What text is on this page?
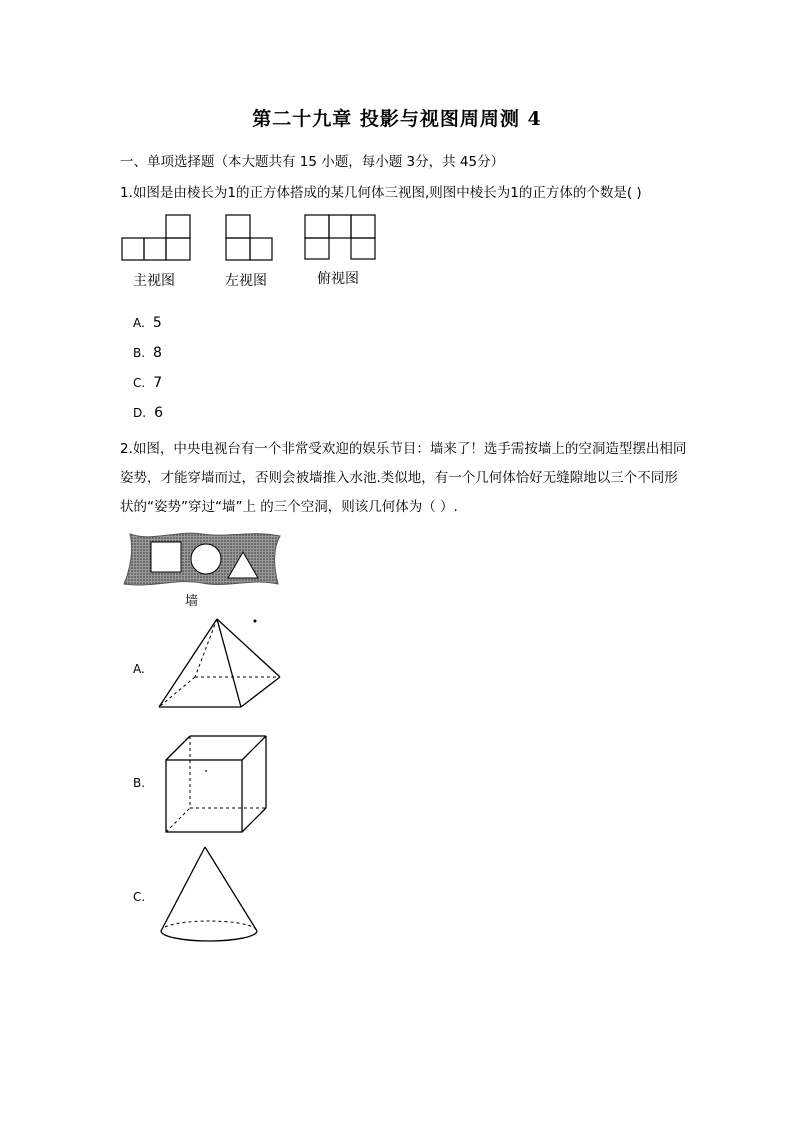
第二十九章 投影与视图周周测 4
一、单项选择题（本大题共有 15 小题，每小题 3分，共 45分）
1.如图是由棱长为1的正方体搭成的某几何体三视图,则图中棱长为1的正方体的个数是( )
主视图	左视图	俯视图
A. 5
B. 8
C. 7
D. 6
2.如图，中央电视台有一个非常受欢迎的娱乐节目：墙来了！选手需按墙上的空洞造型摆出相同姿势，才能穿墙而过，否则会被墙推入水池.类似地，有一个几何体恰好无缝隙地以三个不同形状的“姿势”穿过“墙”上 的三个空洞，则该几何体为（ ）.
墙
A.
B.
C.
